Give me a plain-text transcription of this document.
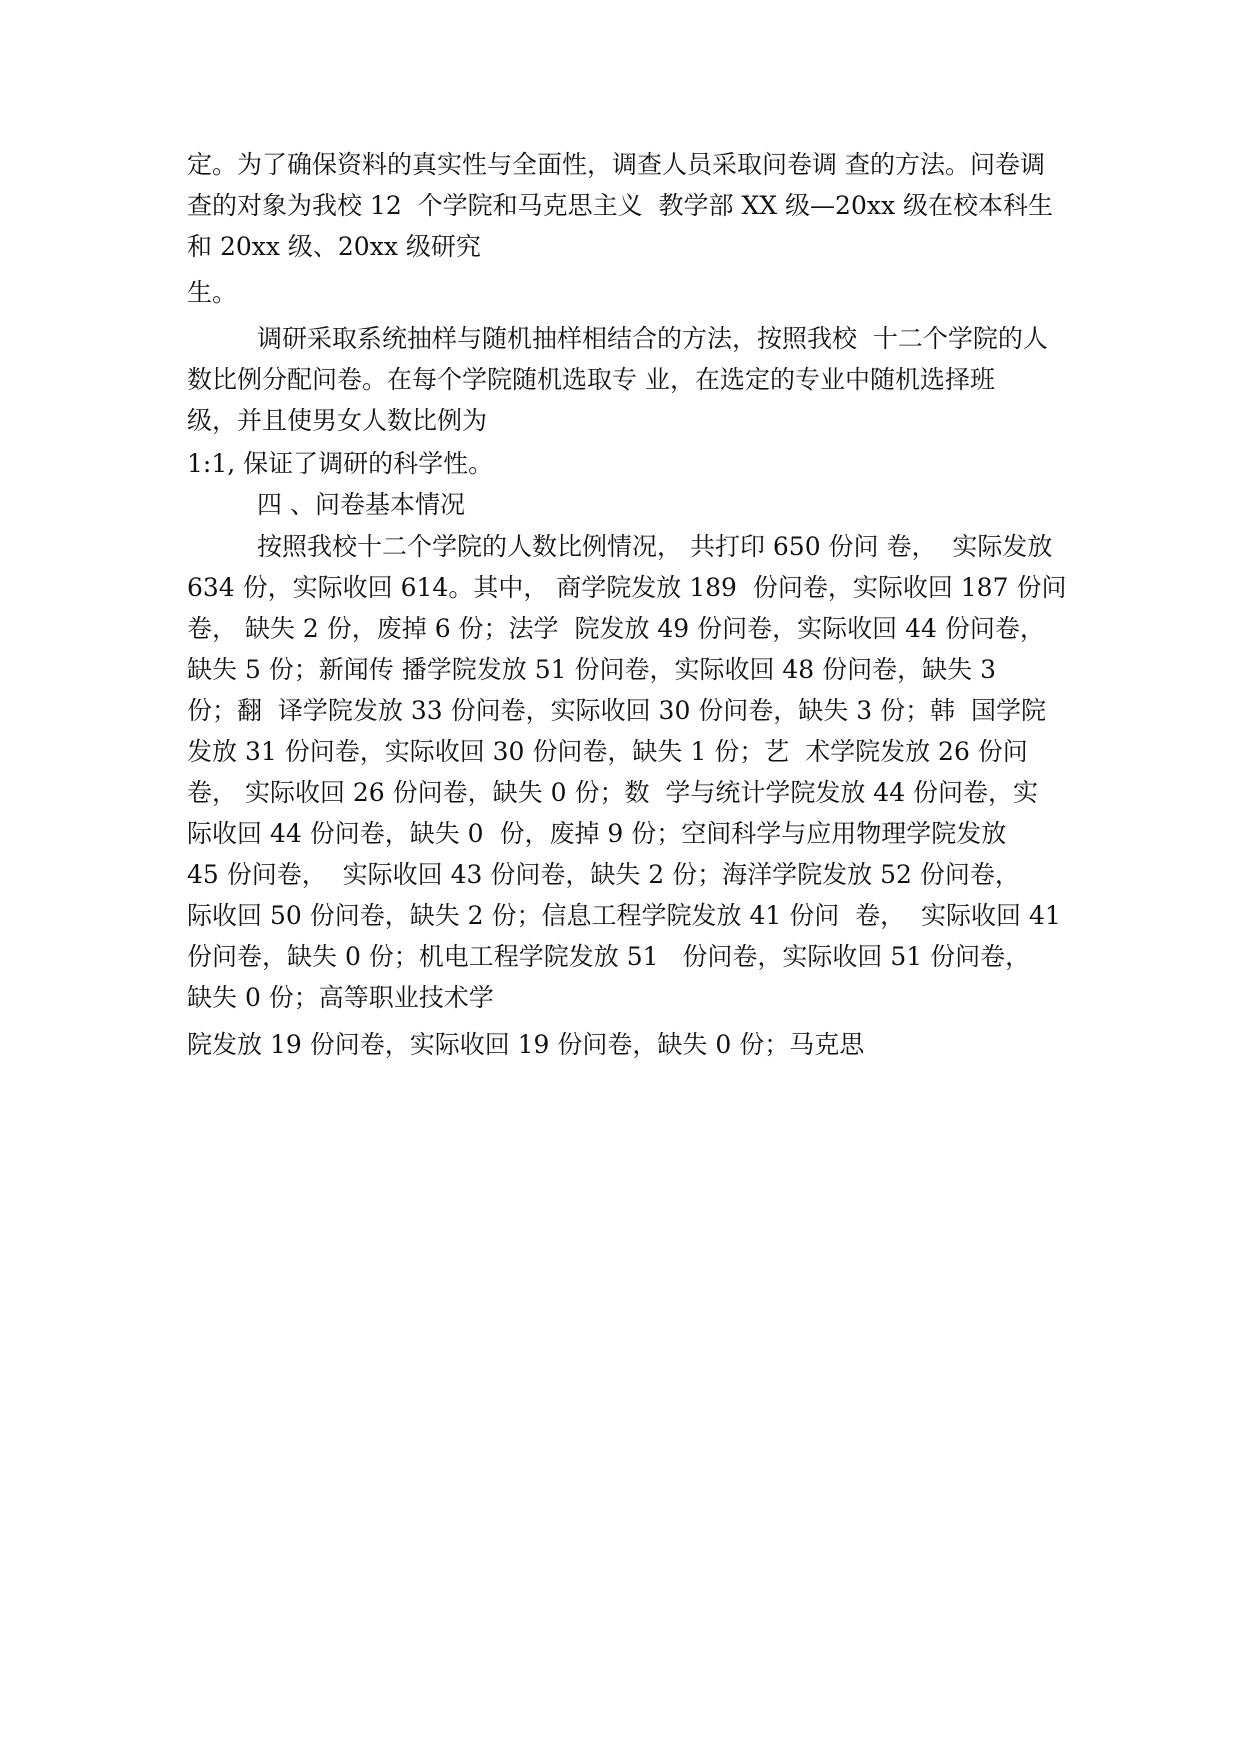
定。为了确保资料的真实性与全面性，调查人员采取问卷调 查的方法。问卷调
查的对象为我校 12  个学院和马克思主义  教学部 XX 级—20xx 级在校本科生
和 20xx 级、20xx 级研究

生。

调研采取系统抽样与随机抽样相结合的方法，按照我校  十二个学院的人
数比例分配问卷。在每个学院随机选取专 业，在选定的专业中随机选择班
级，并且使男女人数比例为

1:1, 保证了调研的科学性。

四 、问卷基本情况

按照我校十二个学院的人数比例情况， 共打印 650 份问 卷，  实际发放
634 份，实际收回 614。其中， 商学院发放 189  份问卷，实际收回 187 份问
卷， 缺失 2 份，废掉 6 份；法学  院发放 49 份问卷，实际收回 44 份问卷，
缺失 5 份；新闻传 播学院发放 51 份问卷，实际收回 48 份问卷，缺失 3
份；翻  译学院发放 33 份问卷，实际收回 30 份问卷，缺失 3 份；韩  国学院
发放 31 份问卷，实际收回 30 份问卷，缺失 1 份；艺  术学院发放 26 份问
卷， 实际收回 26 份问卷，缺失 0 份；数  学与统计学院发放 44 份问卷，实
际收回 44 份问卷，缺失 0  份，废掉 9 份；空间科学与应用物理学院发放
45 份问卷，  实际收回 43 份问卷，缺失 2 份；海洋学院发放 52 份问卷，
际收回 50 份问卷，缺失 2 份；信息工程学院发放 41 份问  卷，  实际收回 41
份问卷，缺失 0 份；机电工程学院发放 51   份问卷，实际收回 51 份问卷，
缺失 0 份；高等职业技术学

院发放 19 份问卷，实际收回 19 份问卷，缺失 0 份；马克思
